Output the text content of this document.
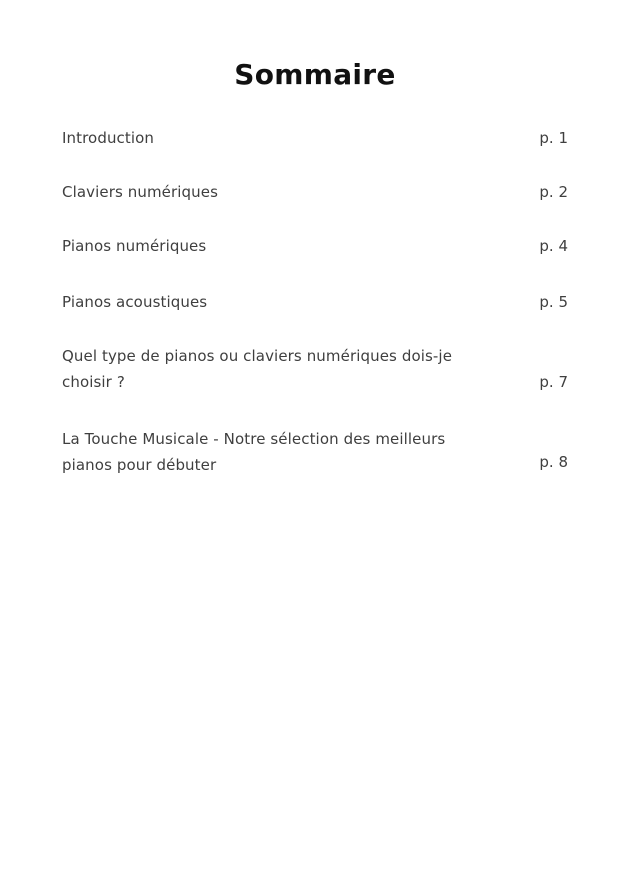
Sommaire
Introduction	p. 1
Claviers numériques	p. 2
Pianos numériques	p. 4
Pianos acoustiques	p. 5
Quel type de pianos ou claviers numériques dois-je choisir ?	p. 7
La Touche Musicale - Notre sélection des meilleurs pianos pour débuter	p. 8
